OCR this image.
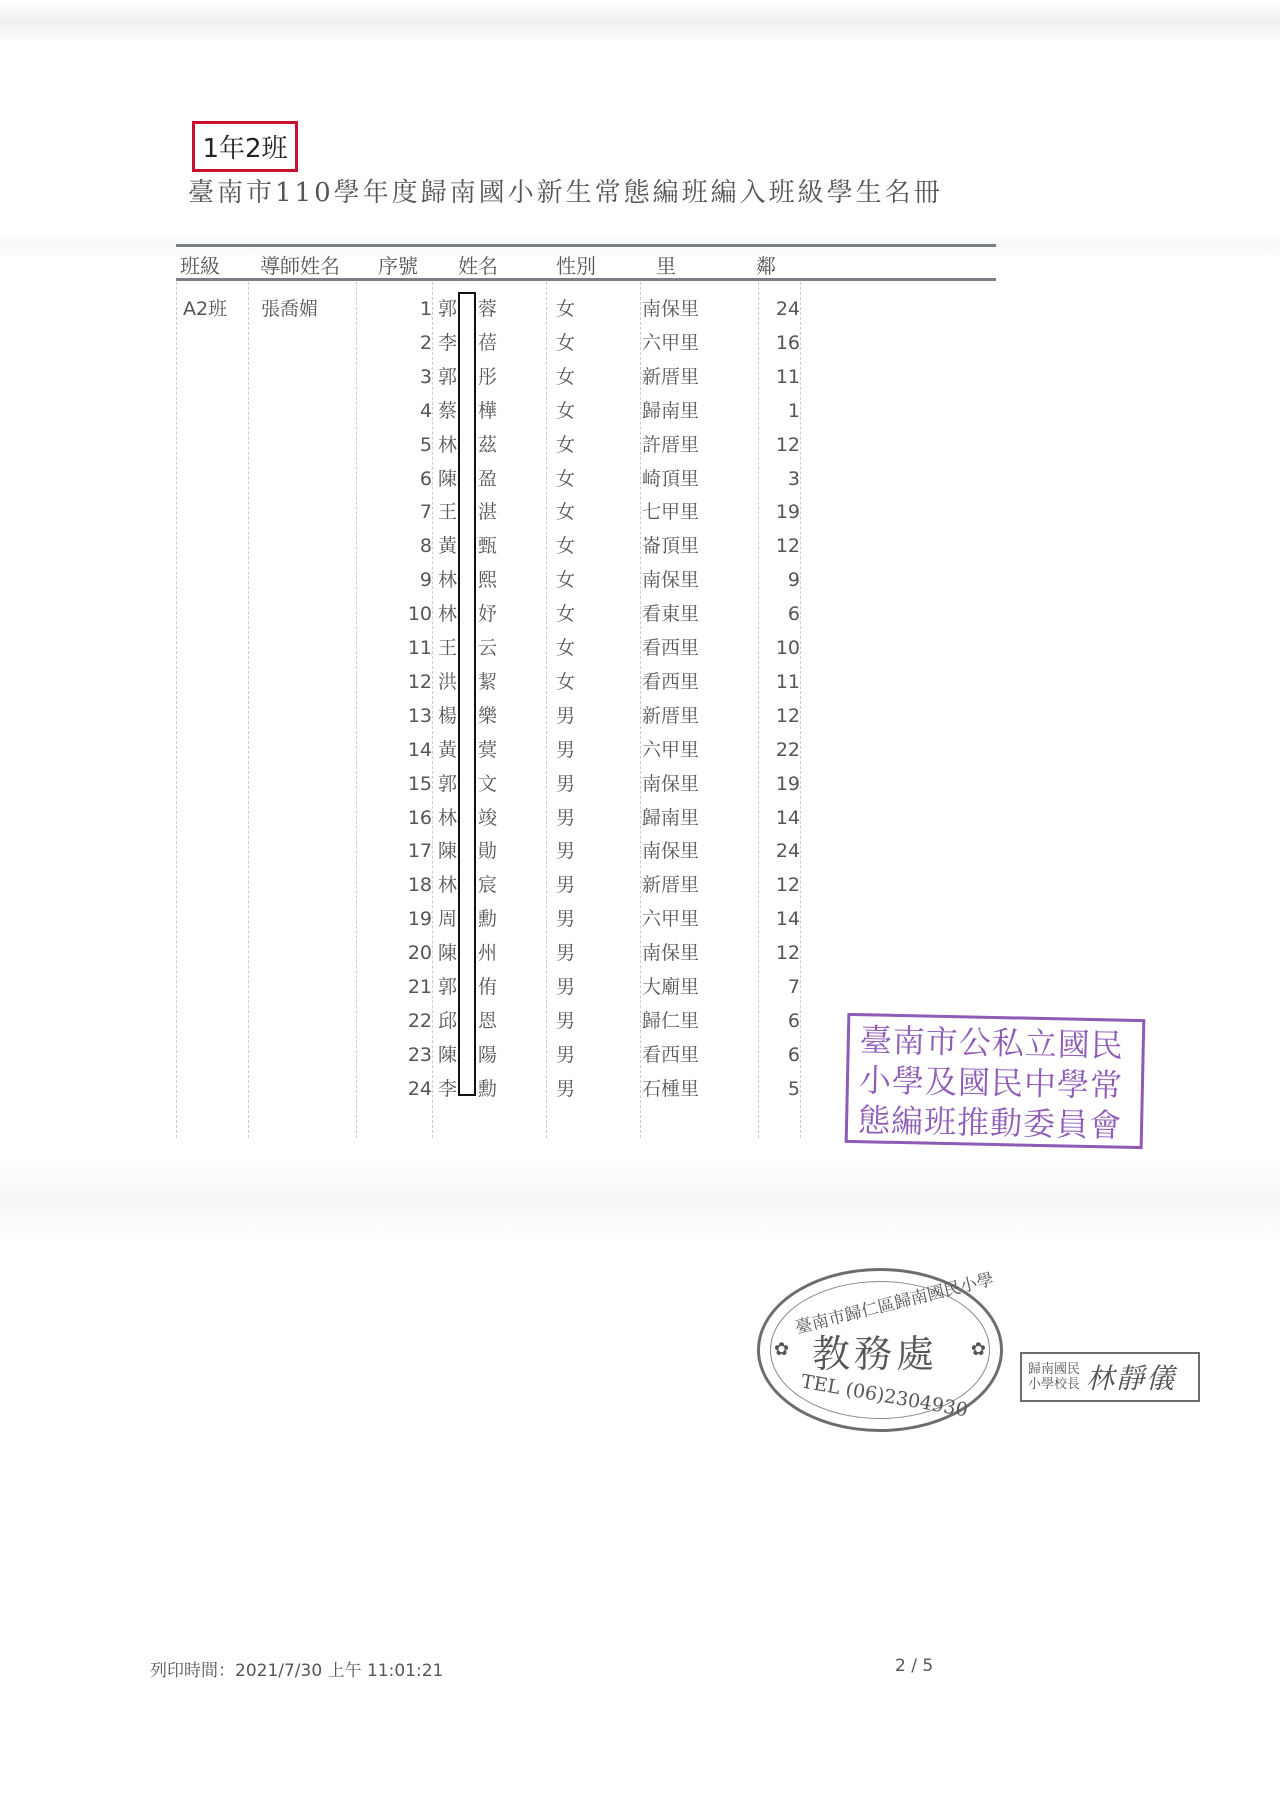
1年2班
臺南市110學年度歸南國小新生常態編班編入班級學生名冊
班級 導師姓名 序號 姓名	性別	里	鄰
A2班 張喬媚	1 郭 蓉	女	南保里	24
2 李 蓓	女	六甲里	16
3 郭 彤	女	新厝里	11
4 蔡 樺	女	歸南里	1
5 林 茲	女	許厝里	12
6 陳 盈	女	崎頂里	3
7 王 湛	女	七甲里	19
8 黃 甄	女	崙頂里	12
9 林 熙	女	南保里	9
10 林 妤	女	看東里	6
11 王 云	女	看西里	10
12 洪 絜	女	看西里	11
13 楊 樂	男	新厝里	12
14 黃 蓂	男	六甲里	22
15 郭 文	男	南保里	19
16 林 竣	男	歸南里	14
17 陳 勛	男	南保里	24
18 林 宸	男	新厝里	12
19 周 勳	男	六甲里	14
20 陳 州	男	南保里	12
21 郭 侑	男	大廟里	7
22 邱 恩	男	歸仁里	6
23 陳 陽	男	看西里	6
24 李 勳	男	石㮔里	5
臺南市公私立國民
小學及國民中學常
態編班推動委員會
臺南市歸仁區歸南國民小學
✿	✿
教務處
TEL (06)2304930
歸南國民小學校長 林靜儀
列印時間：2021/7/30 上午 11:01:21	2 / 5
